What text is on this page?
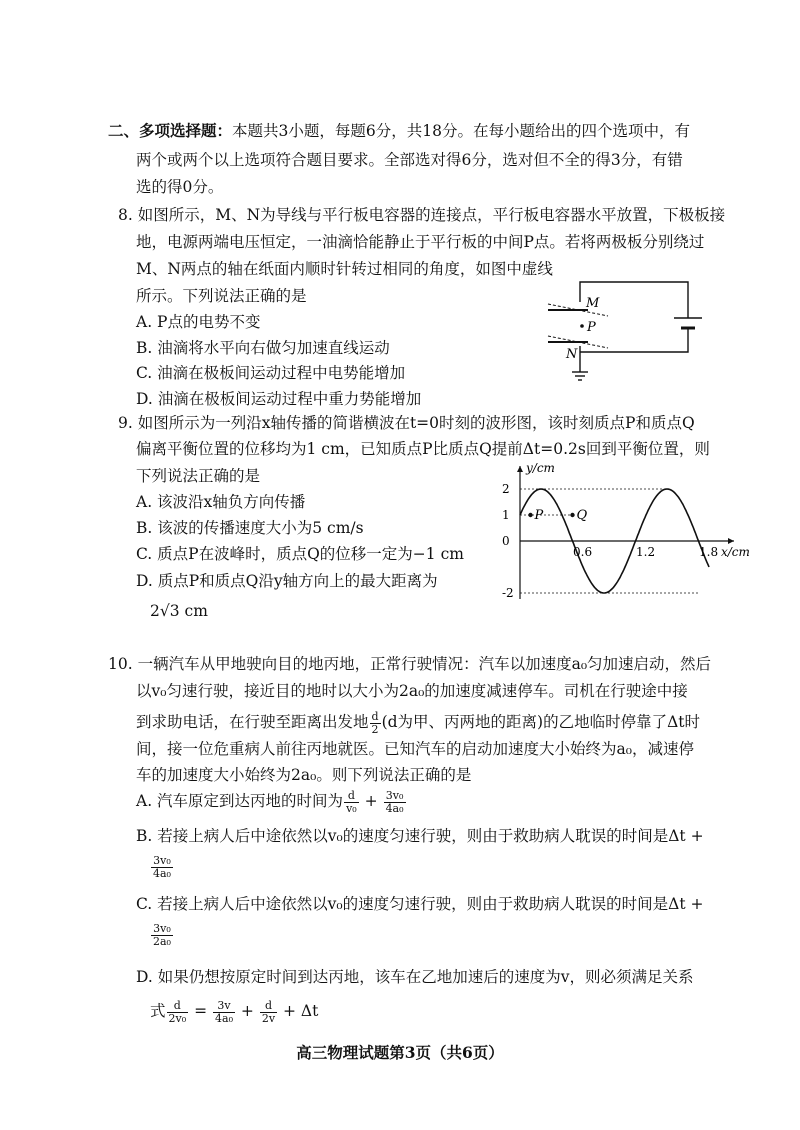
二、多项选择题：本题共3小题，每题6分，共18分。在每小题给出的四个选项中，有
两个或两个以上选项符合题目要求。全部选对得6分，选对但不全的得3分，有错
选的得0分。
8. 如图所示，M、N为导线与平行板电容器的连接点，平行板电容器水平放置，下极板接
地，电源两端电压恒定，一油滴恰能静止于平行板的中间P点。若将两极板分别绕过
M、N两点的轴在纸面内顺时针转过相同的角度，如图中虚线
所示。下列说法正确的是
A. P点的电势不变
B. 油滴将水平向右做匀加速直线运动
C. 油滴在极板间运动过程中电势能增加
D. 油滴在极板间运动过程中重力势能增加
M
P
N
9. 如图所示为一列沿x轴传播的简谐横波在t=0时刻的波形图，该时刻质点P和质点Q
偏离平衡位置的位移均为1 cm，已知质点P比质点Q提前Δt=0.2s回到平衡位置，则
下列说法正确的是
A. 该波沿x轴负方向传播
B. 该波的传播速度大小为5 cm/s
C. 质点P在波峰时，质点Q的位移一定为−1 cm
D. 质点P和质点Q沿y轴方向上的最大距离为
2√3 cm
P	Q
0.6	1.2	1.8
2
1
0
-2
x/cm
y/cm
10. 一辆汽车从甲地驶向目的地丙地，正常行驶情况：汽车以加速度a₀匀加速启动，然后
以v₀匀速行驶，接近目的地时以大小为2a₀的加速度减速停车。司机在行驶途中接
到求助电话，在行驶至距离出发地 $\frac{d}{2} (d$为甲、丙两地的距离)的乙地临时停靠了Δt时
间，接一位危重病人前往丙地就医。已知汽车的启动加速度大小始终为a₀，减速停
车的加速度大小始终为2a₀。则下列说法正确的是
A. 汽车原定到达丙地的时间为 $\frac{d}{\text{v₀}} + \frac{\text{3v₀}}{\text{4a₀}}$
B. 若接上病人后中途依然以v₀的速度匀速行驶，则由于救助病人耽误的时间是Δt +
$\frac{\text{3v₀}}{\text{4a₀}}$
C. 若接上病人后中途依然以v₀的速度匀速行驶，则由于救助病人耽误的时间是Δt +
$\frac{\text{3v₀}}{\text{2a₀}}$
D. 如果仍想按原定时间到达丙地，该车在乙地加速后的速度为v，则必须满足关系
式 $\frac{d}{\text{2v₀}} = \frac{3v}{\text{4a₀}} + \frac{d}{2v} + \Delta t$
高三物理试题第3页（共6页）
